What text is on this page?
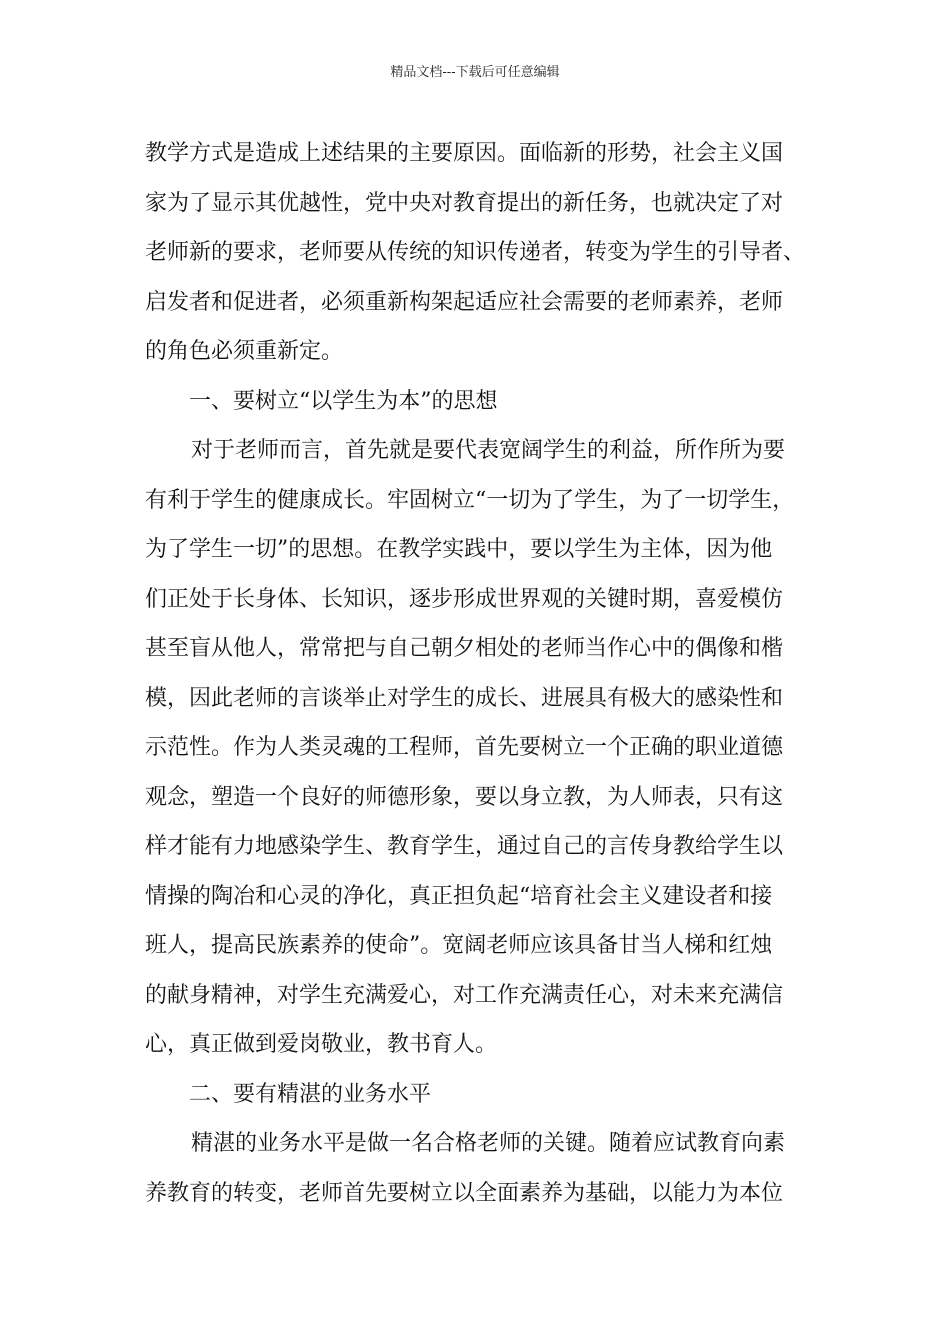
精品文档---下载后可任意编辑
教学方式是造成上述结果的主要原因。面临新的形势，社会主义国
家为了显示其优越性，党中央对教育提出的新任务，也就决定了对
老师新的要求，老师要从传统的知识传递者，转变为学生的引导者、
启发者和促进者，必须重新构架起适应社会需要的老师素养，老师
的角色必须重新定。
一、要树立“以学生为本”的思想
对于老师而言，首先就是要代表宽阔学生的利益，所作所为要
有利于学生的健康成长。牢固树立“一切为了学生，为了一切学生，
为了学生一切”的思想。在教学实践中，要以学生为主体，因为他
们正处于长身体、长知识，逐步形成世界观的关键时期，喜爱模仿
甚至盲从他人，常常把与自己朝夕相处的老师当作心中的偶像和楷
模，因此老师的言谈举止对学生的成长、进展具有极大的感染性和
示范性。作为人类灵魂的工程师，首先要树立一个正确的职业道德
观念，塑造一个良好的师德形象，要以身立教，为人师表，只有这
样才能有力地感染学生、教育学生，通过自己的言传身教给学生以
情操的陶冶和心灵的净化，真正担负起“培育社会主义建设者和接
班人，提高民族素养的使命”。宽阔老师应该具备甘当人梯和红烛
的献身精神，对学生充满爱心，对工作充满责任心，对未来充满信
心，真正做到爱岗敬业，教书育人。
二、要有精湛的业务水平
精湛的业务水平是做一名合格老师的关键。随着应试教育向素
养教育的转变，老师首先要树立以全面素养为基础，以能力为本位
